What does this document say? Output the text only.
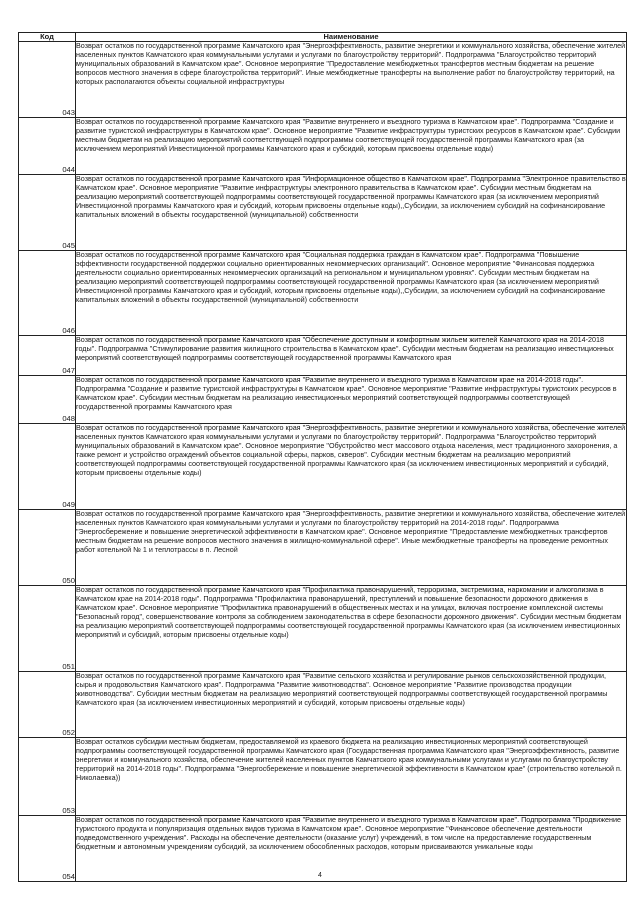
Код	Наименование
043	Возврат остатков по государственной программе Камчатского края "Энергоэффективность, развитие энергетики и коммунального хозяйства, обеспечение жителей населенных пунктов Камчатского края коммунальными услугами и услугами по благоустройству территорий". Подпрограмма "Благоустройство территорий муниципальных образований в Камчатском крае". Основное мероприятие "Предоставление межбюджетных трансфертов местным бюджетам на решение вопросов местного значения в сфере благоустройства территорий". Иные межбюджетные трансферты на выполнение работ по благоустройству территорий, на которых располагаются объекты социальной инфраструктуры
044	Возврат остатков по государственной программе Камчатского края "Развитие внутреннего и въездного туризма в Камчатском крае". Подпрограмма "Создание и развитие туристской инфраструктуры в Камчатском крае". Основное мероприятие "Развитие инфраструктуры туристских ресурсов в Камчатском крае". Субсидии местным бюджетам на реализацию мероприятий соответствующей подпрограммы соответствующей государственной программы Камчатского края (за исключением мероприятий Инвестиционной программы Камчатского края и субсидий, которым присвоены отдельные коды)
045	Возврат остатков по государственной программе Камчатского края "Информационное общество в Камчатском крае". Подпрограмма "Электронное правительство в Камчатском крае". Основное мероприятие "Развитие инфраструктуры электронного правительства в Камчатском крае". Субсидии местным бюджетам на реализацию мероприятий соответствующей подпрограммы соответствующей государственной программы Камчатского края (за исключением мероприятий Инвестиционной программы Камчатского края и субсидий, которым присвоены отдельные коды),,Субсидии, за исключением субсидий на софинансирование капитальных вложений в объекты государственной (муниципальной) собственности
046	Возврат остатков по государственной программе Камчатского края "Социальная поддержка граждан в Камчатском крае". Подпрограмма "Повышение эффективности государственной поддержки социально ориентированных некоммерческих организаций". Основное мероприятие "Финансовая поддержка деятельности социально ориентированных некоммерческих организаций на региональном и муниципальном уровнях". Субсидии местным бюджетам на реализацию мероприятий соответствующей подпрограммы соответствующей государственной программы Камчатского края (за исключением мероприятий Инвестиционной программы Камчатского края и субсидий, которым присвоены отдельные коды),,Субсидии, за исключением субсидий на софинансирование капитальных вложений в объекты государственной (муниципальной) собственности
047	Возврат остатков по государственной программе Камчатского края "Обеспечение доступным и комфортным жильем жителей Камчатского края на 2014-2018 годы". Подпрограмма "Стимулирование развития жилищного строительства в Камчатском крае". Субсидии местным бюджетам на реализацию инвестиционных мероприятий соответствующей подпрограммы соответствующей государственной программы Камчатского края
048	Возврат остатков по государственной программе Камчатского края "Развитие внутреннего и въездного туризма в Камчатском крае на 2014-2018 годы". Подпрограмма "Создание и развитие туристской инфраструктуры в Камчатском крае". Основное мероприятие "Развитие инфраструктуры туристских ресурсов в Камчатском крае". Субсидии местным бюджетам на реализацию инвестиционных мероприятий соответствующей подпрограммы соответствующей государственной программы Камчатского края
049	Возврат остатков по государственной программе Камчатского края "Энергоэффективность, развитие энергетики и коммунального хозяйства, обеспечение жителей населенных пунктов Камчатского края коммунальными услугами и услугами по благоустройству территорий". Подпрограмма "Благоустройство территорий муниципальных образований в Камчатском крае". Основное мероприятие "Обустройство мест массового отдыха населения, мест традиционного захоронения, а также ремонт и устройство ограждений объектов социальной сферы, парков, скверов". Субсидии местным бюджетам на реализацию мероприятий соответствующей подпрограммы соответствующей государственной программы Камчатского края (за исключением инвестиционных мероприятий и субсидий, которым присвоены отдельные коды)
050	Возврат остатков по государственной программе Камчатского края "Энергоэффективность, развитие энергетики и коммунального хозяйства, обеспечение жителей населенных пунктов Камчатского края коммунальными услугами и услугами по благоустройству территорий на 2014-2018 годы". Подпрограмма "Энергосбережение и повышение энергетической эффективности в Камчатском крае". Основное мероприятие "Предоставление межбюджетных трансфертов местным бюджетам на решение вопросов местного значения в жилищно-коммунальной сфере". Иные межбюджетные трансферты на проведение ремонтных работ котельной № 1 и теплотрассы в п. Лесной
051	Возврат остатков по государственной программе Камчатского края "Профилактика правонарушений, терроризма, экстремизма, наркомании и алкоголизма в Камчатском крае на 2014-2018 годы". Подпрограмма "Профилактика правонарушений, преступлений и повышение безопасности дорожного движения в Камчатском крае". Основное мероприятие "Профилактика правонарушений в общественных местах и на улицах, включая построение комплексной системы "Безопасный город", совершенствование контроля за соблюдением законодательства в сфере безопасности дорожного движения". Субсидии местным бюджетам на реализацию мероприятий соответствующей подпрограммы соответствующей государственной программы Камчатского края (за исключением инвестиционных мероприятий и субсидий, которым присвоены отдельные коды)
052	Возврат остатков по государственной программе Камчатского края "Развитие сельского хозяйства и регулирование рынков сельскохозяйственной продукции, сырья и продовольствия Камчатского края". Подпрограмма "Развитие животноводства". Основное мероприятие "Развитие производства продукции животноводства". Субсидии местным бюджетам на реализацию мероприятий соответствующей подпрограммы соответствующей государственной программы Камчатского края (за исключением инвестиционных мероприятий и субсидий, которым присвоены отдельные коды)
053	Возврат остатков субсидии местным бюджетам, предоставляемой из краевого бюджета на реализацию инвестиционных мероприятий соответствующей подпрограммы соответствующей государственной программы Камчатского края (Государственная программа Камчатского края "Энергоэффективность, развитие энергетики и коммунального хозяйства, обеспечение жителей населенных пунктов Камчатского края коммунальными услугами и услугами по благоустройству территорий на 2014-2018 годы". Подпрограмма "Энергосбережение и повышение энергетической эффективности в Камчатском крае" (строительство котельной п. Николаевка))
054	Возврат остатков по государственной программе Камчатского края "Развитие внутреннего и въездного туризма в Камчатском крае". Подпрограмма "Продвижение туристского продукта и популяризация отдельных видов туризма в Камчатском крае". Основное мероприятие "Финансовое обеспечение деятельности подведомственного учреждения". Расходы на обеспечение деятельности (оказание услуг) учреждений, в том числе на предоставление государственным бюджетным и автономным учреждениям субсидий, за исключением обособленных расходов, которым присваиваются уникальные коды
4
